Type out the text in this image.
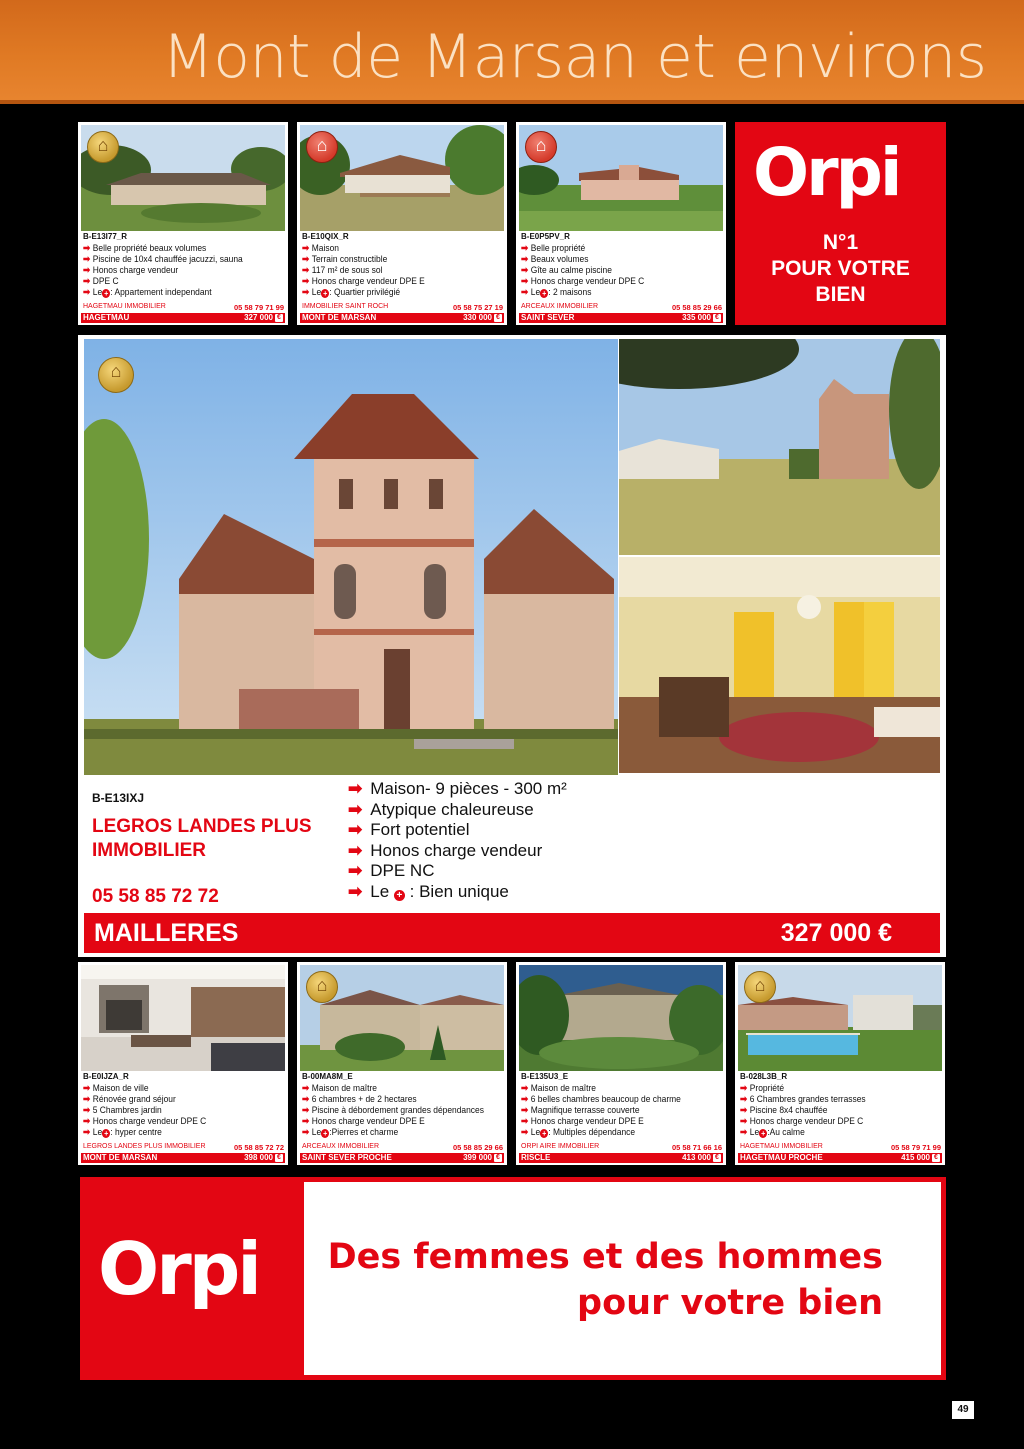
Mont de Marsan et environs
⌂
B-E13I77_R
➡ Belle propriété beaux volumes
➡ Piscine de 10x4 chauffée jacuzzi, sauna
➡ Honos charge vendeur
➡ DPE C
➡ Le + : Appartement independant
HAGETMAU IMMOBILIER	05 58 79 71 99
HAGETMAU	327 000 €
⌂
B-E10QIX_R
➡ Maison
➡ Terrain constructible
➡ 117 m² de sous sol
➡ Honos charge vendeur DPE E
➡ Le + : Quartier privilégié
IMMOBILIER SAINT ROCH	05 58 75 27 19
MONT DE MARSAN	330 000 €
⌂
B-E0P5PV_R
➡ Belle propriété
➡ Beaux volumes
➡ Gîte au calme piscine
➡ Honos charge vendeur DPE C
➡ Le + : 2 maisons
ARCEAUX IMMOBILIER	05 58 85 29 66
SAINT SEVER	335 000 €
Orpi
N°1
POUR VOTRE
BIEN
⌂
B-E13IXJ
LEGROS LANDES PLUS
IMMOBILIER
05 58 85 72 72
➡ Maison- 9 pièces - 300 m²
➡ Atypique chaleureuse
➡ Fort potentiel
➡ Honos charge vendeur
➡ DPE NC
➡ Le + : Bien unique
MAILLERES	327 000 €
B-E0IJZA_R
➡ Maison de ville
➡ Rénovée grand séjour
➡ 5 Chambres jardin
➡ Honos charge vendeur DPE C
➡ Le + : hyper centre
LEGROS LANDES PLUS IMMOBILIER	05 58 85 72 72
MONT DE MARSAN	398 000 €
⌂
B-00MA8M_E
➡ Maison de maître
➡ 6 chambres + de 2 hectares
➡ Piscine à débordement grandes dépendances
➡ Honos charge vendeur DPE E
➡ Le + :Pierres et charme
ARCEAUX IMMOBILIER	05 58 85 29 66
SAINT SEVER PROCHE	399 000 €
B-E135U3_E
➡ Maison de maître
➡ 6 belles chambres beaucoup de charme
➡ Magnifique terrasse couverte
➡ Honos charge vendeur DPE E
➡ Le + : Multiples dépendance
ORPI AIRE IMMOBILIER	05 58 71 66 16
RISCLE	413 000 €
⌂
B-028L3B_R
➡ Propriété
➡ 6 Chambres grandes terrasses
➡ Piscine 8x4 chauffée
➡ Honos charge vendeur DPE C
➡ Le + :Au calme
HAGETMAU IMMOBILIER	05 58 79 71 99
HAGETMAU PROCHE	415 000 €
Orpi Des femmes et des hommes
pour votre bien
49
